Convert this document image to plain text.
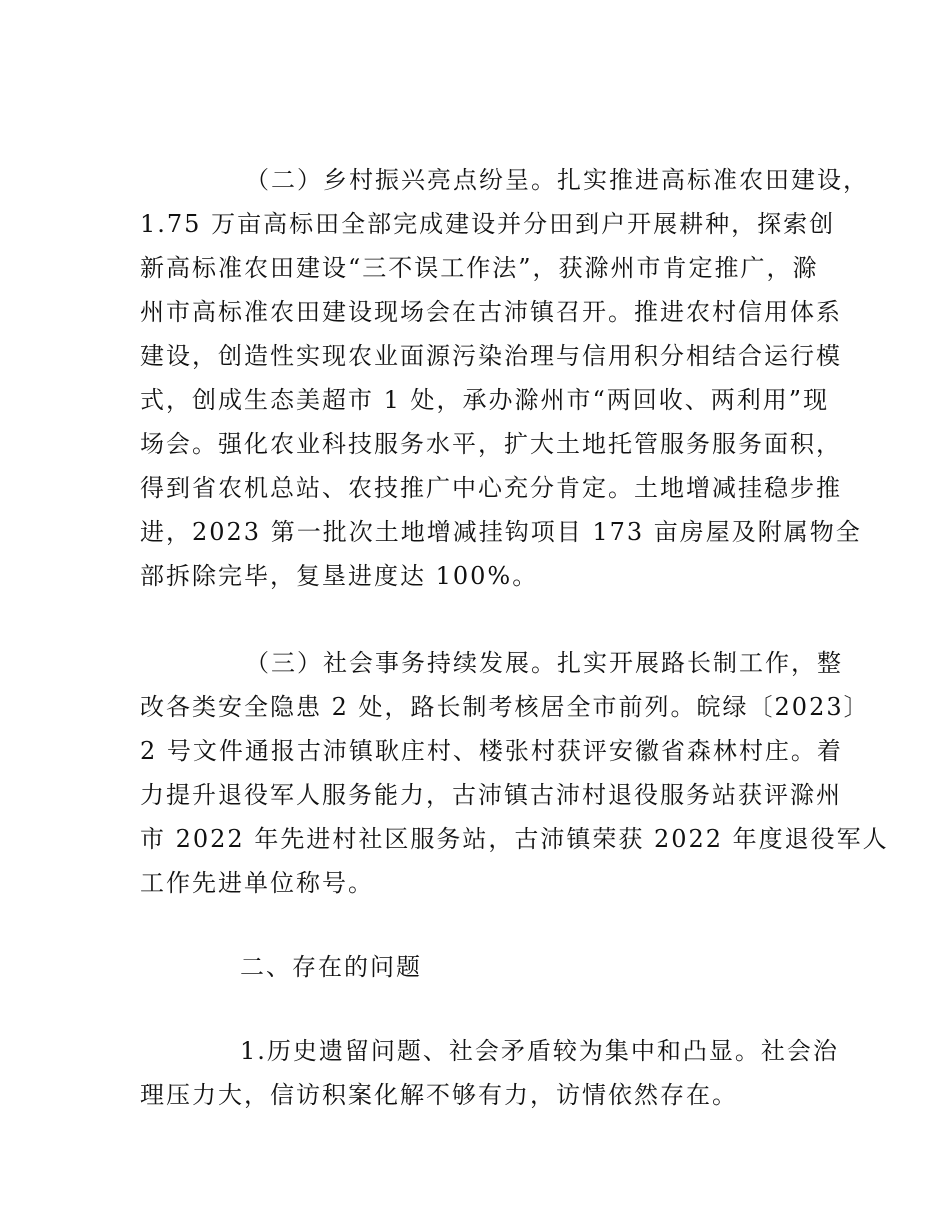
（二）乡村振兴亮点纷呈。扎实推进高标准农田建设，
1.75 万亩高标田全部完成建设并分田到户开展耕种，探索创
新高标准农田建设“三不误工作法”，获滁州市肯定推广，滁
州市高标准农田建设现场会在古沛镇召开。推进农村信用体系
建设，创造性实现农业面源污染治理与信用积分相结合运行模
式，创成生态美超市 1 处，承办滁州市“两回收、两利用”现
场会。强化农业科技服务水平，扩大土地托管服务服务面积，
得到省农机总站、农技推广中心充分肯定。土地增减挂稳步推
进，2023 第一批次土地增减挂钩项目 173 亩房屋及附属物全
部拆除完毕，复垦进度达 100%。
（三）社会事务持续发展。扎实开展路长制工作，整
改各类安全隐患 2 处，路长制考核居全市前列。皖绿〔2023〕
2 号文件通报古沛镇耿庄村、楼张村获评安徽省森林村庄。着
力提升退役军人服务能力，古沛镇古沛村退役服务站获评滁州
市 2022 年先进村社区服务站，古沛镇荣获 2022 年度退役军人
工作先进单位称号。
二、存在的问题
1.历史遗留问题、社会矛盾较为集中和凸显。社会治
理压力大，信访积案化解不够有力，访情依然存在。
